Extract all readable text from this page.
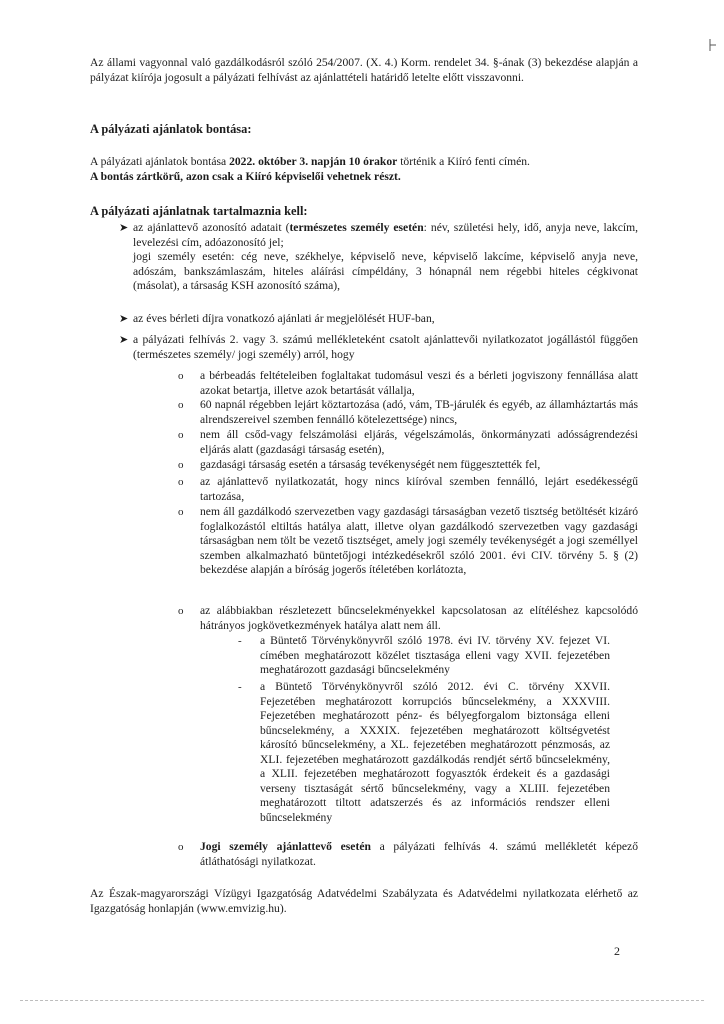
Az állami vagyonnal való gazdálkodásról szóló 254/2007. (X. 4.) Korm. rendelet 34. §-ának (3) bekezdése alapján a pályázat kiírója jogosult a pályázati felhívást az ajánlattételi határidő letelte előtt visszavonni.

A pályázati ajánlatok bontása:

A pályázati ajánlatok bontása 2022. október 3. napján 10 órakor történik a Kiíró fenti címén.

A bontás zártkörű, azon csak a Kiíró képviselői vehetnek részt.

A pályázati ajánlatnak tartalmaznia kell:
➤ az ajánlattevő azonosító adatait (természetes személy esetén: név, születési hely, idő, anyja neve, lakcím, levelezési cím, adóazonosító jel;
jogi személy esetén: cég neve, székhelye, képviselő neve, képviselő lakcíme, képviselő anyja neve, adószám, bankszámlaszám, hiteles aláírási címpéldány, 3 hónapnál nem régebbi hiteles cégkivonat (másolat), a társaság KSH azonosító száma),
➤ az éves bérleti díjra vonatkozó ajánlati ár megjelölését HUF-ban,
➤ a pályázati felhívás 2. vagy 3. számú mellékleteként csatolt ajánlattevői nyilatkozatot jogállástól függően (természetes személy/ jogi személy) arról, hogy
o a bérbeadás feltételeiben foglaltakat tudomásul veszi és a bérleti jogviszony fennállása alatt azokat betartja, illetve azok betartását vállalja,
o 60 napnál régebben lejárt köztartozása (adó, vám, TB-járulék és egyéb, az államháztartás más alrendszereivel szemben fennálló kötelezettsége) nincs,
o nem áll csőd-vagy felszámolási eljárás, végelszámolás, önkormányzati adósságrendezési eljárás alatt (gazdasági társaság esetén),
o gazdasági társaság esetén a társaság tevékenységét nem függesztették fel,
o az ajánlattevő nyilatkozatát, hogy nincs kiíróval szemben fennálló, lejárt esedékességű tartozása,
o nem áll gazdálkodó szervezetben vagy gazdasági társaságban vezető tisztség betöltését kizáró foglalkozástól eltiltás hatálya alatt, illetve olyan gazdálkodó szervezetben vagy gazdasági társaságban nem tölt be vezető tisztséget, amely jogi személy tevékenységét a jogi személlyel szemben alkalmazható büntetőjogi intézkedésekről szóló 2001. évi CIV. törvény 5. § (2) bekezdése alapján a bíróság jogerős ítéletében korlátozta,
o az alábbiakban részletezett bűncselekményekkel kapcsolatosan az elítéléshez kapcsolódó hátrányos jogkövetkezmények hatálya alatt nem áll.
- a Büntető Törvénykönyvről szóló 1978. évi IV. törvény XV. fejezet VI. címében meghatározott közélet tisztasága elleni vagy XVII. fejezetében meghatározott gazdasági bűncselekmény
- a Büntető Törvénykönyvről szóló 2012. évi C. törvény XXVII. Fejezetében meghatározott korrupciós bűncselekmény, a XXXVIII. Fejezetében meghatározott pénz- és bélyegforgalom biztonsága elleni bűncselekmény, a XXXIX. fejezetében meghatározott költségvetést károsító bűncselekmény, a XL. fejezetében meghatározott pénzmosás, az XLI. fejezetében meghatározott gazdálkodás rendjét sértő bűncselekmény, a XLII. fejezetében meghatározott fogyasztók érdekeit és a gazdasági verseny tisztaságát sértő bűncselekmény, vagy a XLIII. fejezetében meghatározott tiltott adatszerzés és az információs rendszer elleni bűncselekmény
o Jogi személy ajánlattevő esetén a pályázati felhívás 4. számú mellékletét képező átláthatósági nyilatkozat.

Az Észak-magyarországi Vízügyi Igazgatóság Adatvédelmi Szabályzata és Adatvédelmi nyilatkozata elérhető az Igazgatóság honlapján (www.emvizig.hu).

2
